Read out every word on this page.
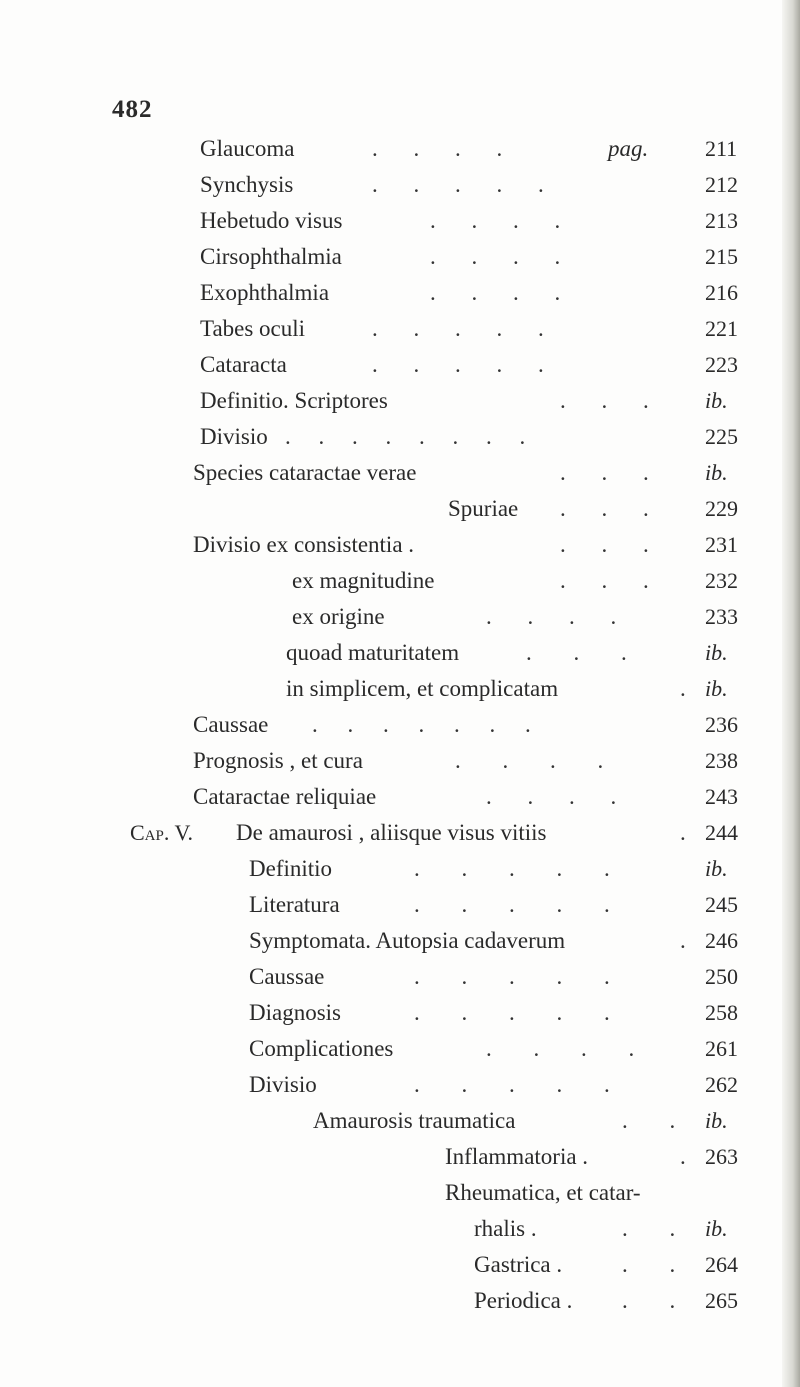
482
Glaucoma	. . . .	pag.	211
Synchysis	. . . . .	212
Hebetudo visus	. . . .	213
Cirsophthalmia	. . . .	215
Exophthalmia	. . . .	216
Tabes oculi	. . . . .	221
Cataracta	. . . . .	223
Definitio. Scriptores	. . .	ib.
Divisio . . . . . . . .	225
Species cataractae verae	. . .	ib.
Spuriae . . .	229
Divisio ex consistentia .	. . .	231
ex magnitudine	. . .	232
ex origine	. . . .	233
quoad maturitatem	. . .	ib.
in simplicem, et complicatam	. ib.
Caussae . . . . . . .	236
Prognosis , et cura	. . . .	238
Cataractae reliquiae	. . . .	243
Cap. V. De amaurosi , aliisque visus vitiis	. 244
Definitio	. . . . .	ib.
Literatura	. . . . .	245
Symptomata. Autopsia cadaverum	. 246
Caussae	. . . . .	250
Diagnosis	. . . . .	258
Complicationes	. . . .	261
Divisio	. . . . .	262
Amaurosis traumatica	. . ib.
Inflammatoria .	. 263
Rheumatica, et catar-
rhalis .	. . ib.
Gastrica .	. . 264
Periodica . . . 265
